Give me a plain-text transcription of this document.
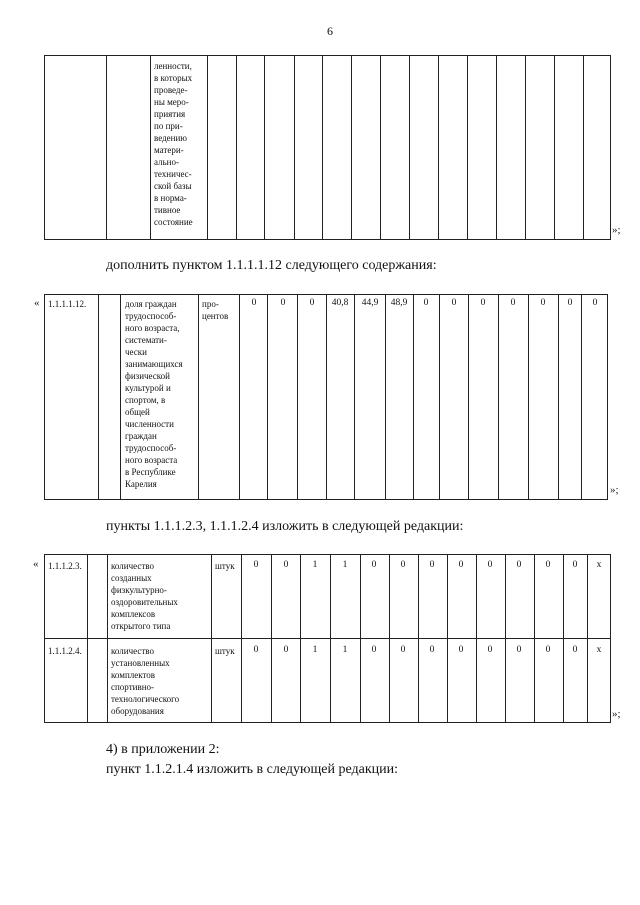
6
ленности,
в которых
проведе-
ны меро-
приятия
по при-
ведению
матери-
ально-
техничес-
ской базы
в норма-
тивное
состояние
»;
дополнить пунктом 1.1.1.1.12 следующего содержания:
« 1.1.1.1.12.	доля граждан
трудоспособ-
ного возраста,
системати-
чески
занимающихся
физической
культурой и
спортом, в
общей
численности
граждан
трудоспособ-
ного возраста
в Республике
Карелия
про-
центов
0	0	0	40,8 44,9 48,9	0	0	0	0	0	0	0
»;
пункты 1.1.1.2.3, 1.1.1.2.4 изложить в следующей редакции:
« 1.1.1.2.3.	количество
созданных
физкультурно-
оздоровительных
комплексов
открытого типа
штук	0	0	1	1	0	0	0	0	0	0	0	0	х
1.1.1.2.4.	количество
установленных
комплектов
спортивно-
технологического
оборудования
штук	0	0	1	1	0	0	0	0	0	0	0	0	х
»;
4) в приложении 2:
пункт 1.1.2.1.4 изложить в следующей редакции:
